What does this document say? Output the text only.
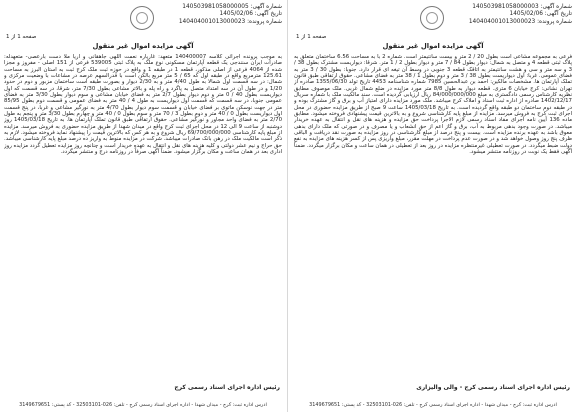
شماره آگهی: 140503981058000003
تاریخ آگهی: 1405/02/06
شماره پرونده: 140404001013000023
صفحه 1 از 1
آگهی مزایده اموال غیر منقول
فرعی به مجموعه مشاعی است بطول 20 / 2 متر و بیست سانتیمتر است. شماره 2 با به مساحت 6.56 ساختمان متعلق به پلاک ثبتی قطعه 4 و متصل به شمال: دیوار بطول 84 / 7 متر و دیوار بطول 2 / 1 متر. شرقا: دیواریست مشترک بطول 38 / 3 و سه متر و سی و هشت سانتیمتر به اتاقک قطعه 3 جنوبی در وسط آن تیغه ای قرار دارد. جنوبا: بطول 30 / 3 متر به فضای عمومی. غربا: اول دیواریست بطول 38 / 3 متر و دوم بطول 1 / 38 متر به فضای مشاعی. حقوق ارتفاقی طبق قانون تملک آپارتمان ها. مشخصات مالکین: احمد بن عبدالحسین 7985 شماره شناسنامه 4453 تاریخ تولد 1355/06/30 صادره از تهران نشانی: کرج خیابان 6 متری. قطعه دیوار به طول 8/8 متر مورد مزایده در ضلع شمال غربی. ملک موصوف مطابق نظریه کارشناس رسمی دادگستری به مبلغ 84/000/000/000 ریال ارزیابی گردیده است. سند مالکیت ملک با شماره سریال 1402/12/17 صادره از اداره ثبت اسناد و املاک کرج میباشد. ملک مورد مزایده دارای امتیاز آب و برق و گاز مشترک بوده و در طبقه دوم ساختمان دو طبقه واقع گردیده است. به تاریخ 1405/03/18 ساعت 9 صبح از طریق مزایده حضوری در محل اجرای ثبت کرج به فروش میرسد. مزایده از مبلغ پایه کارشناسی شروع و به بالاترین قیمت پیشنهادی فروخته میشود. مطابق ماده 136 آیین نامه اجرای مفاد اسناد رسمی لازم الاجرا پرداخت حق مزایده و هزینه های نقل و انتقال به عهده خریدار میباشد. در صورت وجود بدهی مربوط به آب، برق و گاز اعم از حق انشعاب و یا مصرف و در صورتی که ملک دارای بدهی معوق باشد به عهده برنده مزایده است. بیست و پنج درصد از مبلغ کارشناسی در روز مزایده به صورت نقد دریافت و الباقی ظرف پنج روز وصول خواهد شد و در صورت عدم پرداخت در مهلت مقرر، مبلغ واریزی پس از کسر هزینه های مزایده به نفع دولت ضبط میگردد. در صورت تعطیلی غیرمنتظره مزایده در روز بعد از تعطیلی در همان ساعت و مکان برگزار میگردد. ضمناً آگهی فقط یک نوبت در روزنامه منتشر میشود.
رئیس اداره اجرای اسناد رسمی کرج - والی والیزاری
آدرس اداره ثبت: کرج - میدان شهدا - اداره اجرای اسناد رسمی کرج - تلفن: 026-32503101 - کد پستی: 3149679651
شماره آگهی: 140503981058000005
تاریخ آگهی: 1405/02/06
شماره پرونده: 140404001013000023
صفحه 1 از 1
آگهی مزایده اموال غیر منقول
به موجب پرونده اجرائی کلاسه 140400007 متعهد: غارپاره نعمت اللهی جاهقانی و آریا ملا دست بارعصی- متعهدله: صادرات ایران سنندجی یک قطعه آپارتمان مسکونی نوع ملک به پلاک ثبتی 539005 فرعی از 151 اصلی - مفروز و مجزا شده از 4064 فرعی از اصلی مذکور، قطعه 1 در طبقه 1 و واقع در حوزه ثبت ملک کرج ثبت به استان البرز به مساحت 125.61 مترمربع واقع در طبقه اول که 65 / 5 متر مربع بالکن است با قدرالسهم عرصه در مشاعات با وضعیت مرکزی و شمال: در سه قسمت اول شمالا به طول 4/40 متر و به 2/30 دیوار و بصورت طبقه است ساختمان مزبور و دوم در حدود 1/20 و در طول آن در سه امتداد متصل به پاگرد و راه پله و بالاتر مشاعی بطول 7/30 متر، شرقا، در سه قسمت که اول دیواریست بطول 40 / 0 متر و دوم دیوار بطول 2/7 متر به فضای خیابان مشاعی و سوم دیوار بطول 3/30 متر به فضای عمومی جنوبا، در سه قسمت که قسمت اول دیواریست به طول 4 / 40 متر به فضای عمومی و قسمت دوم بطول 85/95 متر در جهت نوسکن ماتوی بر فضای خیابان و قسمت سوم دیوار بطول 4/70 متر به نورگیر مشاعی و غربا، در پنج قسمت اول دیواریست بطول 0 / 40 متر و دوم بطول 3 / 70 متر و سوم بطول 0 / 40 متر و چهارم بطول 3/30 متر و پنجم به طول 2/70 متر به فضای واحد مجاور و نورگیر مشاعی. حقوق ارتفاقی طبق قانون تملک آپارتمان ها. به تاریخ 1405/03/18 روز دوشنبه از ساعت 9 الی 12 در محل اجرای ثبت کرج واقع در میدان شهدا از طریق مزایده حضوری به فروش میرسد. مزایده از مبلغ پایه کارشناسی 69/700/000/000 ریال شروع و به هر کس که بالاترین قیمت را پیشنهاد نماید فروخته میشود. لازم به ذکر است مالکیت ملک در رهن بانک صادرات میباشد. شرکت در مزایده منوط به واریز ده درصد مبلغ پایه کارشناسی میباشد. حق حراج و نیم عشر دولتی و کلیه هزینه های نقل و انتقال به عهده خریدار است و چنانچه روز مزایده تعطیل گردد مزایده روز اداری بعد در همان ساعت و مکان برگزار میشود. ضمناً آگهی صرفاً در روزنامه درج و منتشر میگردد.
رئیس اداره اجرای اسناد رسمی کرج
آدرس اداره ثبت: کرج - میدان شهدا - اداره اجرای اسناد رسمی کرج - تلفن: 026-32503101 - کد پستی: 3149679651
